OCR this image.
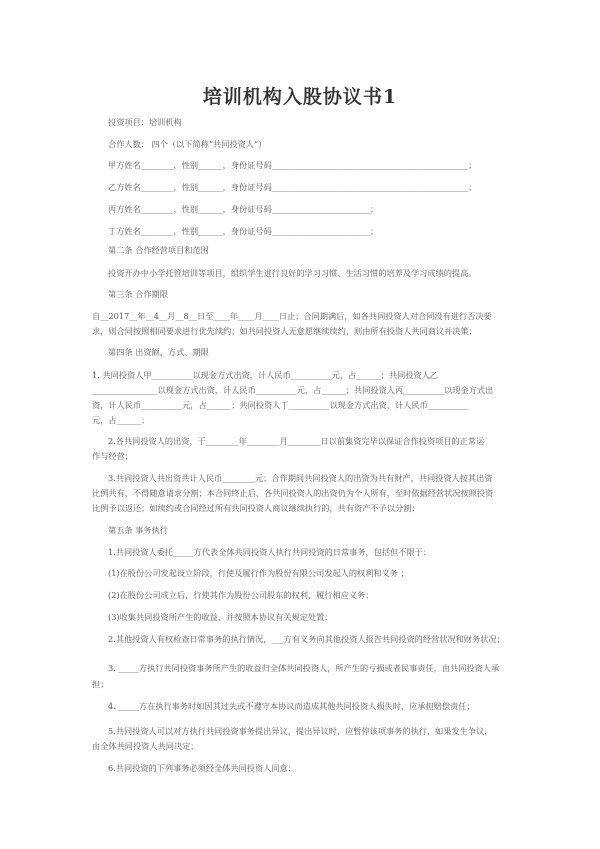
培训机构入股协议书1
投资项目：培训机构
合作人数： 四个（以下简称“共同投资人”）
甲方姓名________，性别______，身份证号码________________________________________________；
乙方姓名________，性别______，身份证号码________________________________________________；
丙方姓名________，性别______，身份证号码________________________；
丁方姓名________，性别______，身份证号码________________________；
第二条 合作经营项目和范围
投资开办中小学托管培训等项目，组织学生进行良好的学习习惯、生活习惯的培养及学习成绩的提高。
第三条 合作期限
自__2017__年__4__月__8__日至____年____月____日止；合同期满后，如各共同投资人对合同没有进行否决要
求，则合同按照相同要求进行优先续约；如共同投资人无意愿继续续约，则由所有投资人共同商议并决策；
第四条 出资额、方式、期限
1. 共同投资人甲__________以现金方式出资，计人民币__________元，占______；共同投资人乙
________________以现金方式出资，计人民币__________元，占______；共同投资人丙__________以现金方式出
资，计人民币__________元，占______；共同投资人丁__________以现金方式出资，计人民币__________
元，占______；
2.各共同投资人的出资，于________年________月________日以前集资完毕以保证合作投资项目的正常运
作与经营；
3.共同投资人共出资共计人民币________元；合作期间共同投资人的出资为共有财产，共同投资人按其出资
比例共有，不得随意请求分割；本合同终止后，各共同投资人的出资仍为个人所有，至时依据经营状况按照投资
比例予以返还；如续约或合同经过所有共同投资人商议继续执行的，共有资产不予以分割；
第五条 事务执行
1.共同投资人委托_____方代表全体共同投资人执行共同投资的日常事务，包括但不限于：
(1)在股份公司发起设立阶段，行使及履行作为股份有限公司发起人的权利和义务 ；
(2)在股份公司成立后，行使其作为股份公司股东的权利，履行相应义务；
(3)收集共同投资所产生的收益，并按照本协议有关规定处置；
2.其他投资人有权检查日常事务的执行情况，___方有义务向其他投资人报告共同投资的经营状况和财务状况；
3. _____方执行共同投资事务所产生的收益归全体共同投资人，所产生的亏损或者民事责任，由共同投资人承
担；
4. _____方在执行事务时如因其过失或不遵守本协议而造成其他共同投资人损失时，应承担赔偿责任；
5.共同投资人可以对方执行共同投资事务提出异议，提出异议时，应暂停该项事务的执行，如果发生争议，
由全体共同投资人共同决定；
6.共同投资的下列事务必须经全体共同投资人同意：
